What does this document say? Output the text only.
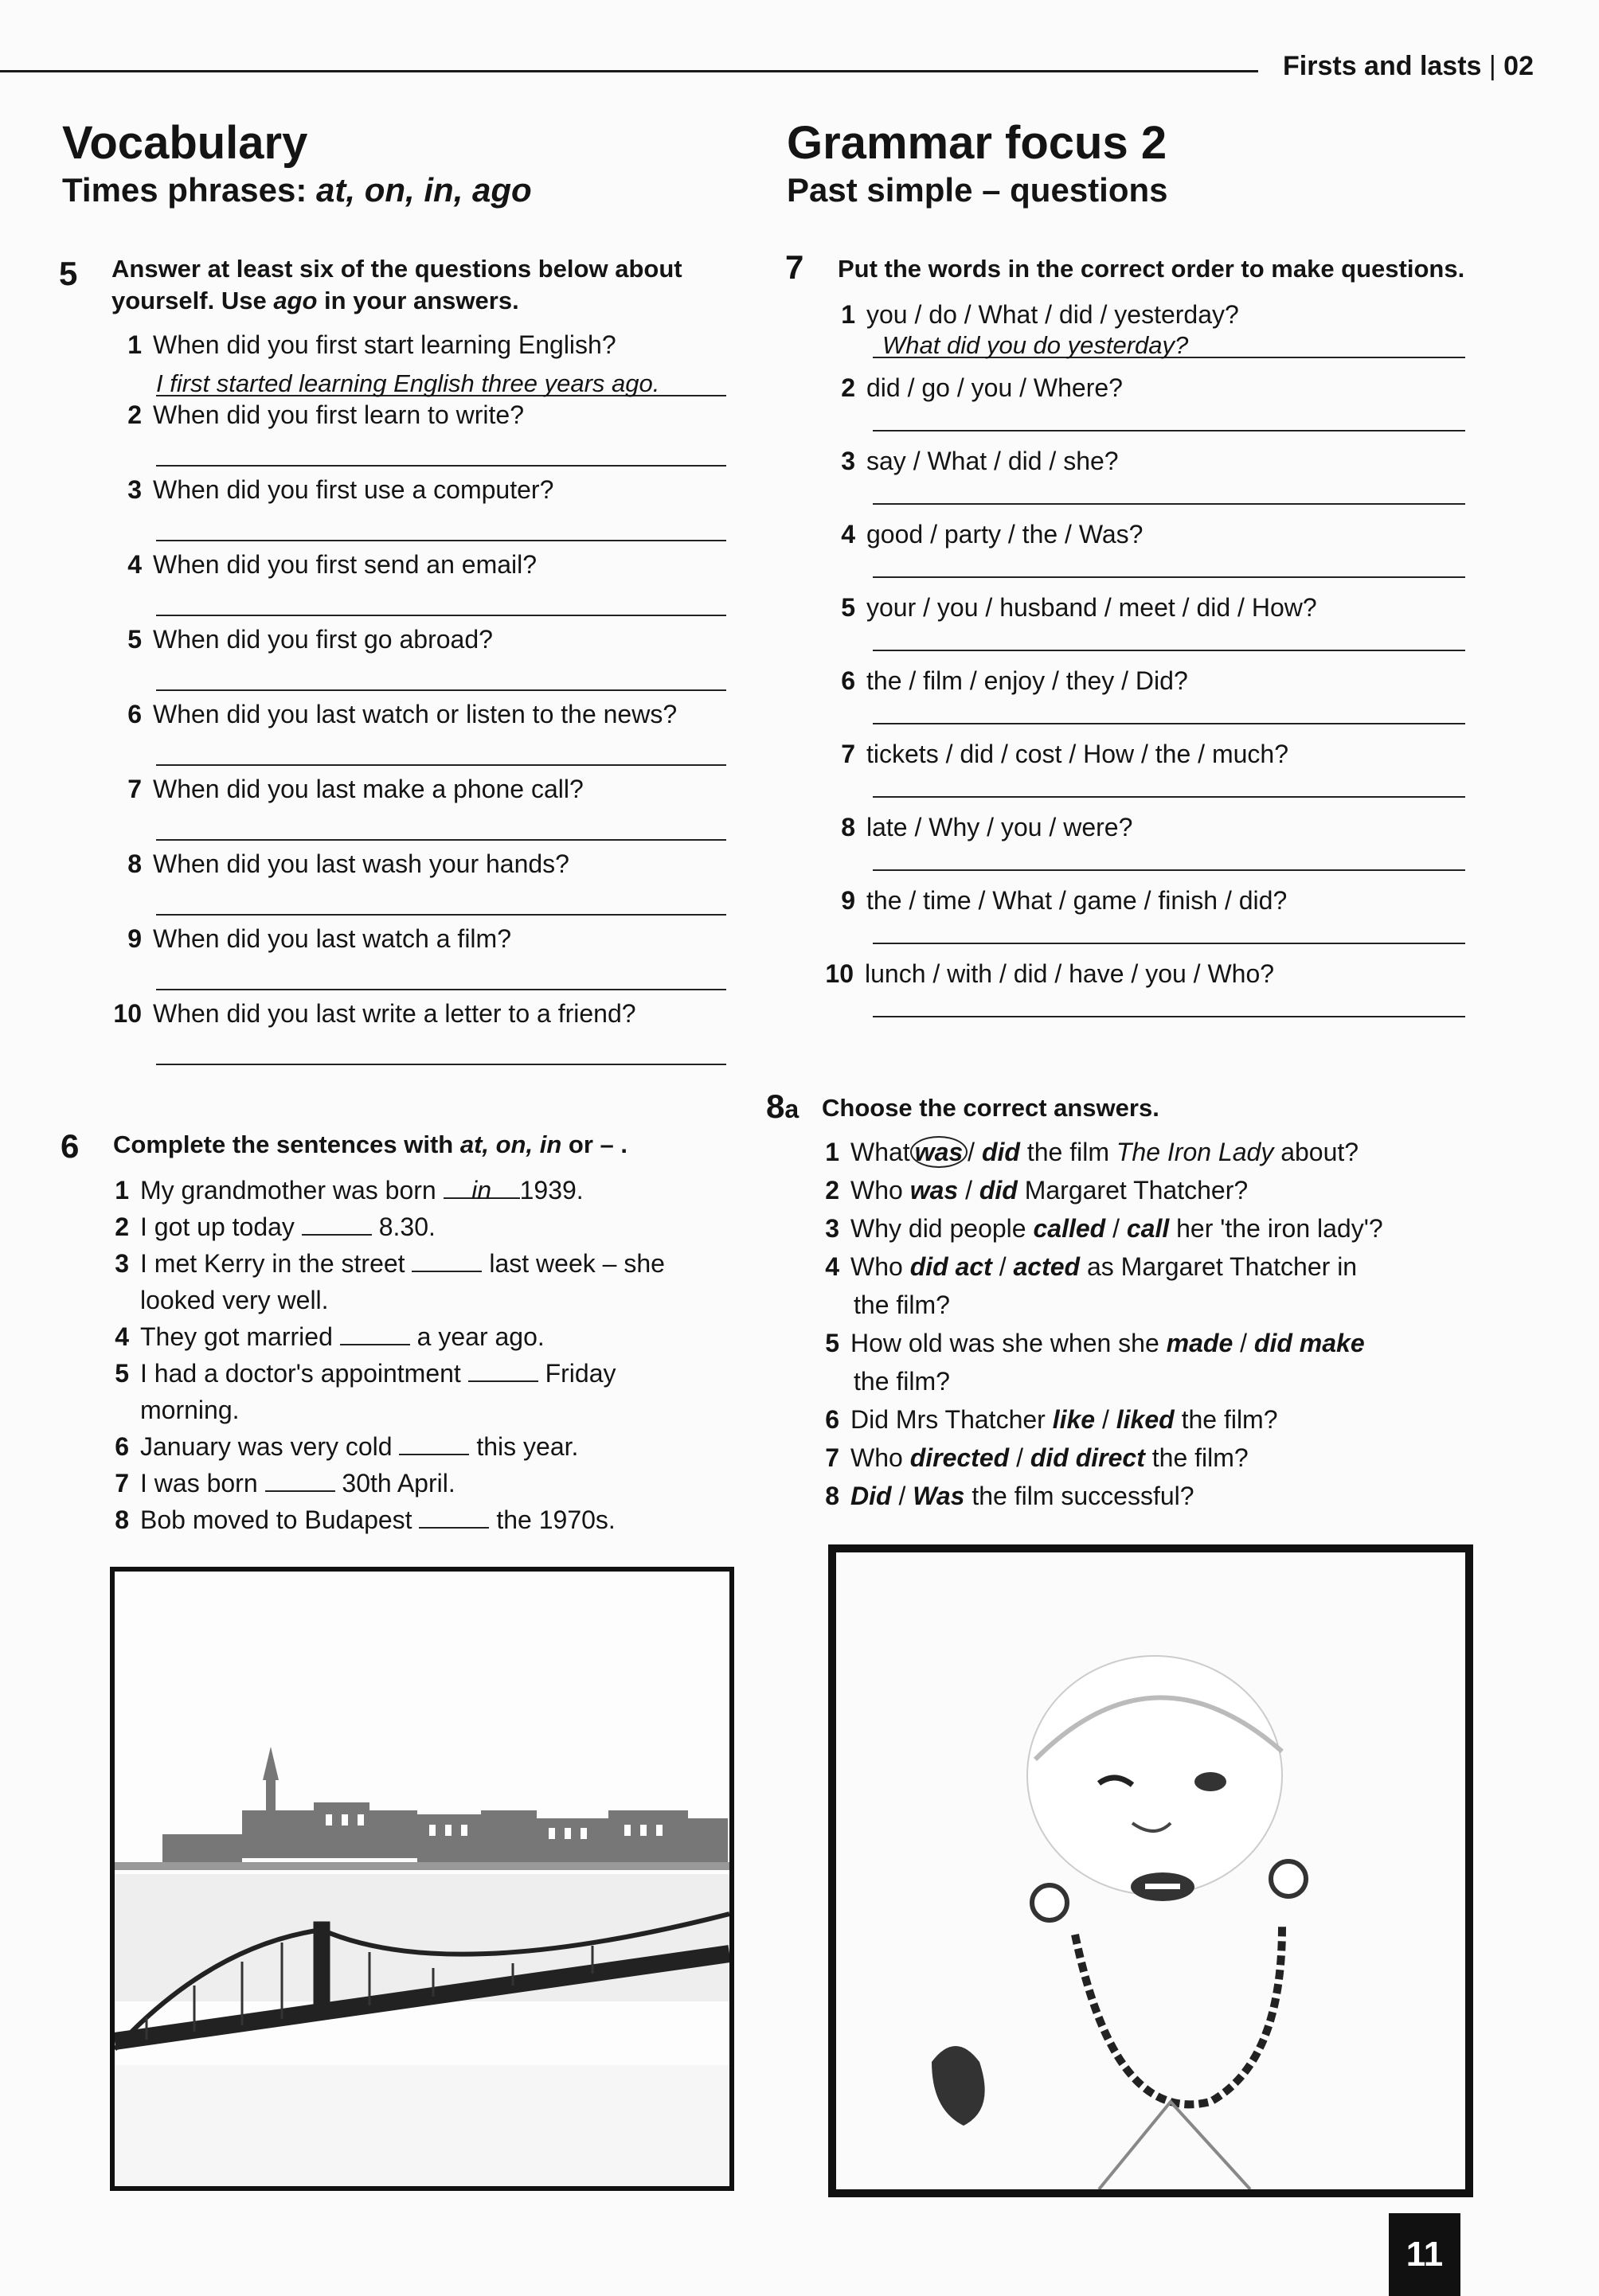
Firsts and lasts | 02
Vocabulary
Times phrases: at, on, in, ago
Grammar focus 2
Past simple – questions
5 Answer at least six of the questions below about yourself. Use ago in your answers.
1 When did you first start learning English?
I first started learning English three years ago.
2 When did you first learn to write?
3 When did you first use a computer?
4 When did you first send an email?
5 When did you first go abroad?
6 When did you last watch or listen to the news?
7 When did you last make a phone call?
8 When did you last wash your hands?
9 When did you last watch a film?
10 When did you last write a letter to a friend?
6 Complete the sentences with at, on, in or – .
1 My grandmother was born in 1939.
2 I got up today	8.30.
3 I met Kerry in the street	last week – she
looked very well.
4 They got married	a year ago.
5 I had a doctor's appointment	Friday
morning.
6 January was very cold	this year.
7 I was born	30th April.
8 Bob moved to Budapest	the 1970s.
7 Put the words in the correct order to make questions.
1 you / do / What / did / yesterday?
What did you do yesterday?
2 did / go / you / Where?
3 say / What / did / she?
4 good / party / the / Was?
5 your / you / husband / meet / did / How?
6 the / film / enjoy / they / Did?
7 tickets / did / cost / How / the / much?
8 late / Why / you / were?
9 the / time / What / game / finish / did?
10 lunch / with / did / have / you / Who?
8a Choose the correct answers.
1 What was / did the film The Iron Lady about?
2 Who was / did Margaret Thatcher?
3 Why did people called / call her 'the iron lady'?
4 Who did act / acted as Margaret Thatcher in
the film?
5 How old was she when she made / did make
the film?
6 Did Mrs Thatcher like / liked the film?
7 Who directed / did direct the film?
8 Did / Was the film successful?
11
